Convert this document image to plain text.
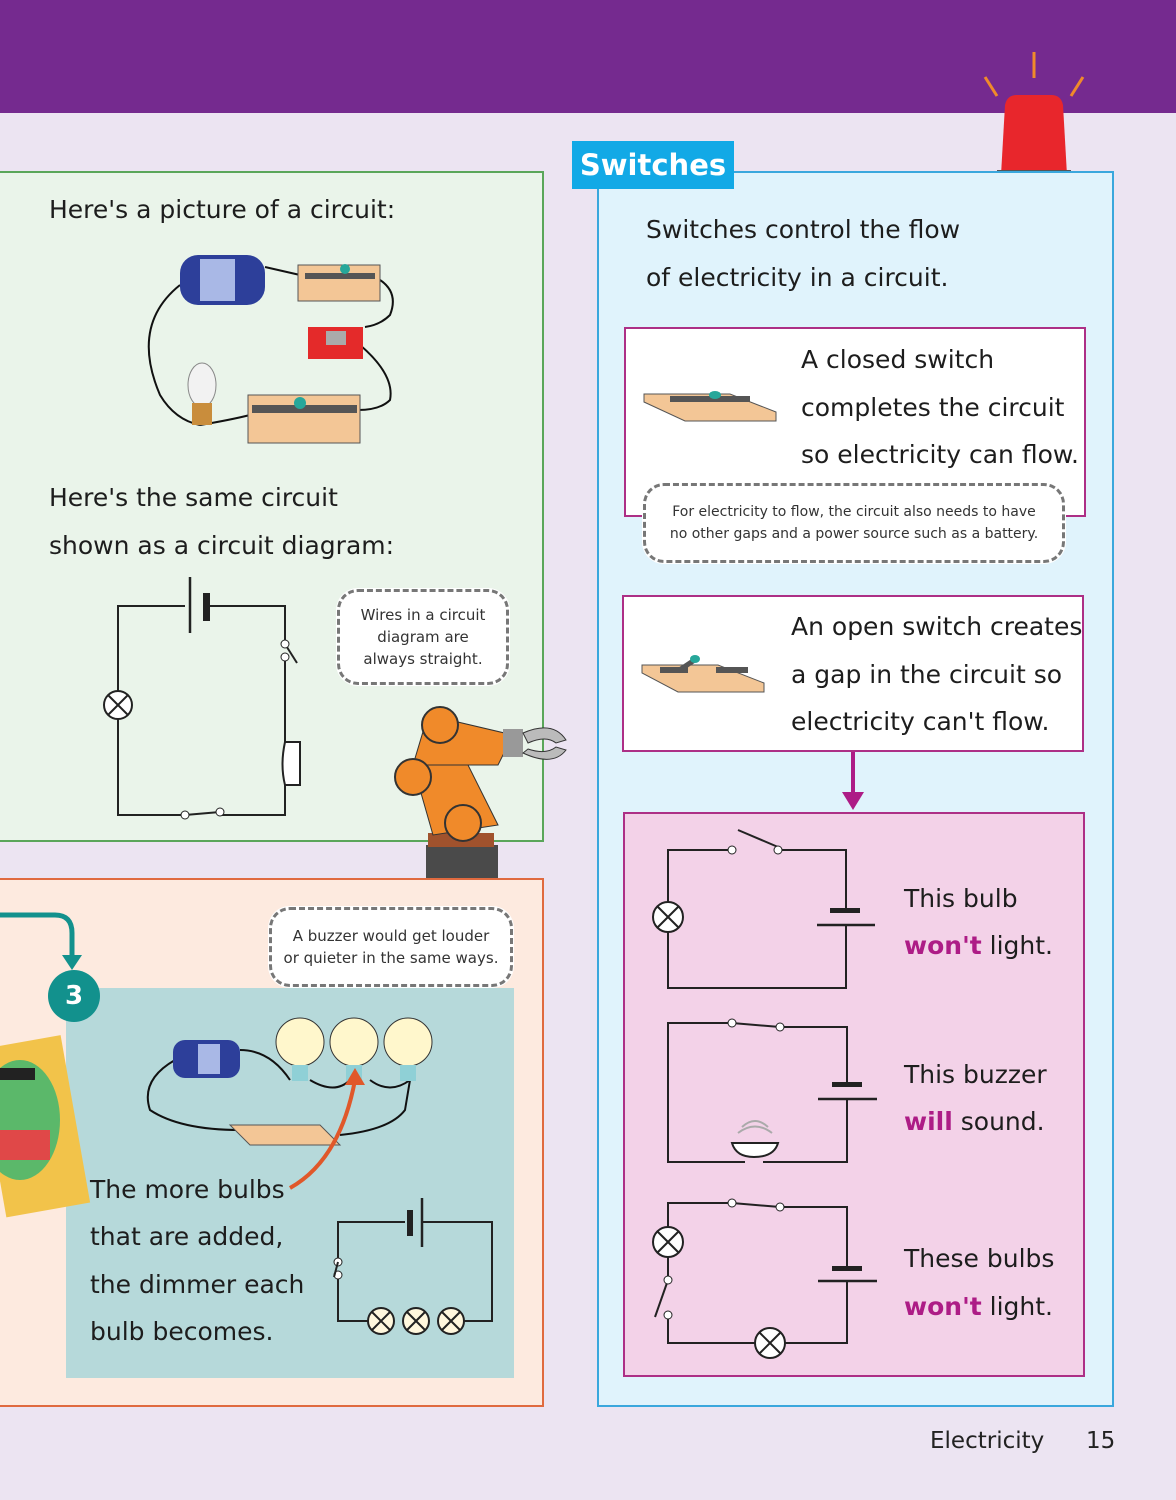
Here's a picture of a circuit:
Here's the same circuit
shown as a circuit diagram:
Wires in a circuit
diagram are
always straight.
3
A buzzer would get louder
or quieter in the same ways.
The more bulbs
that are added,
the dimmer each
bulb becomes.
Switches
Switches control the flow
of electricity in a circuit.
A closed switch
completes the circuit
so electricity can flow.
For electricity to flow, the circuit also needs to have
no other gaps and a power source such as a battery.
An open switch creates
a gap in the circuit so
electricity can't flow.
This bulb
won't light.
This buzzer
will sound.
These bulbs
won't light.
Electricity 15
